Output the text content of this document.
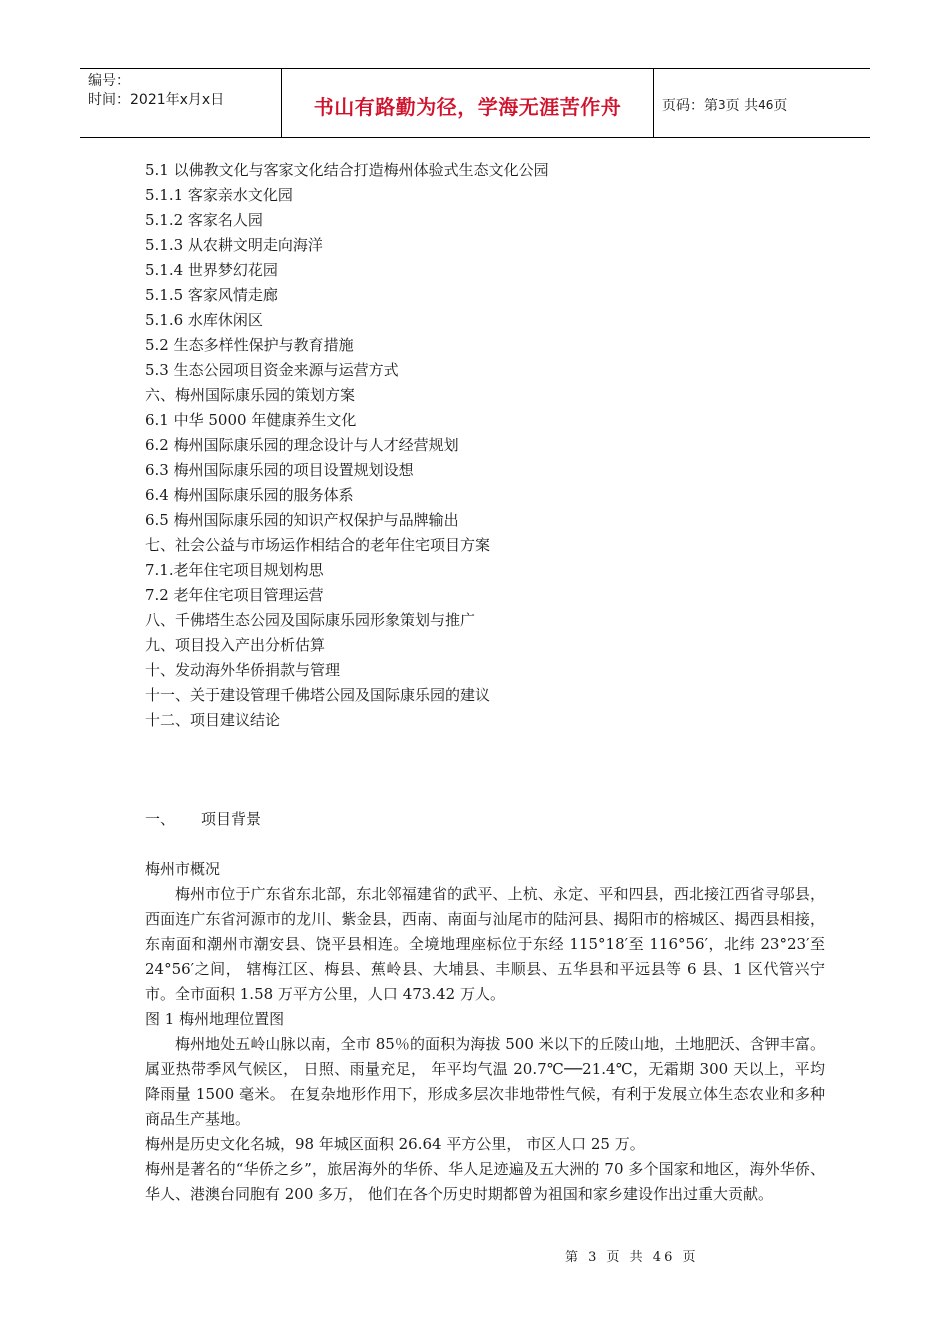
编号：
时间：2021年x月x日	书山有路勤为径，学海无涯苦作舟	页码：第 3 页 共 46 页
5.1 以佛教文化与客家文化结合打造梅州体验式生态文化公园
5.1.1 客家亲水文化园
5.1.2 客家名人园
5.1.3 从农耕文明走向海洋
5.1.4 世界梦幻花园
5.1.5 客家风情走廊
5.1.6 水库休闲区
5.2 生态多样性保护与教育措施
5.3 生态公园项目资金来源与运营方式
六、梅州国际康乐园的策划方案
6.1 中华 5000 年健康养生文化
6.2 梅州国际康乐园的理念设计与人才经营规划
6.3 梅州国际康乐园的项目设置规划设想
6.4 梅州国际康乐园的服务体系
6.5 梅州国际康乐园的知识产权保护与品牌输出
七、社会公益与市场运作相结合的老年住宅项目方案
7.1.老年住宅项目规划构思
7.2 老年住宅项目管理运营
八、千佛塔生态公园及国际康乐园形象策划与推广
九、项目投入产出分析估算
十、发动海外华侨捐款与管理
十一、关于建设管理千佛塔公园及国际康乐园的建议
十二、项目建议结论
一、 项目背景
梅州市概况
梅州市位于广东省东北部，东北邻福建省的武平、上杭、永定、平和四县，西北接江西省寻邬县，西面连广东省河源市的龙川、紫金县，西南、南面与汕尾市的陆河县、揭阳市的榕城区、揭西县相接，东南面和潮州市潮安县、饶平县相连。全境地理座标位于东经 115°18′至 116°56′，北纬 23°23′至 24°56′之间， 辖梅江区、梅县、蕉岭县、大埔县、丰顺县、五华县和平远县等 6 县、1 区代管兴宁市。全市面积 1.58 万平方公里，人口 473.42 万人。
图 1 梅州地理位置图
梅州地处五岭山脉以南，全市 85％的面积为海拔 500 米以下的丘陵山地，土地肥沃、含钾丰富。属亚热带季风气候区， 日照、雨量充足， 年平均气温 20.7℃──21.4℃，无霜期 300 天以上，平均降雨量 1500 毫米。 在复杂地形作用下，形成多层次非地带性气候，有利于发展立体生态农业和多种商品生产基地。
梅州是历史文化名城，98 年城区面积 26.64 平方公里， 市区人口 25 万。
梅州是著名的“华侨之乡”，旅居海外的华侨、华人足迹遍及五大洲的 70 多个国家和地区，海外华侨、华人、港澳台同胞有 200 多万， 他们在各个历史时期都曾为祖国和家乡建设作出过重大贡献。
第 3 页 共 46 页
